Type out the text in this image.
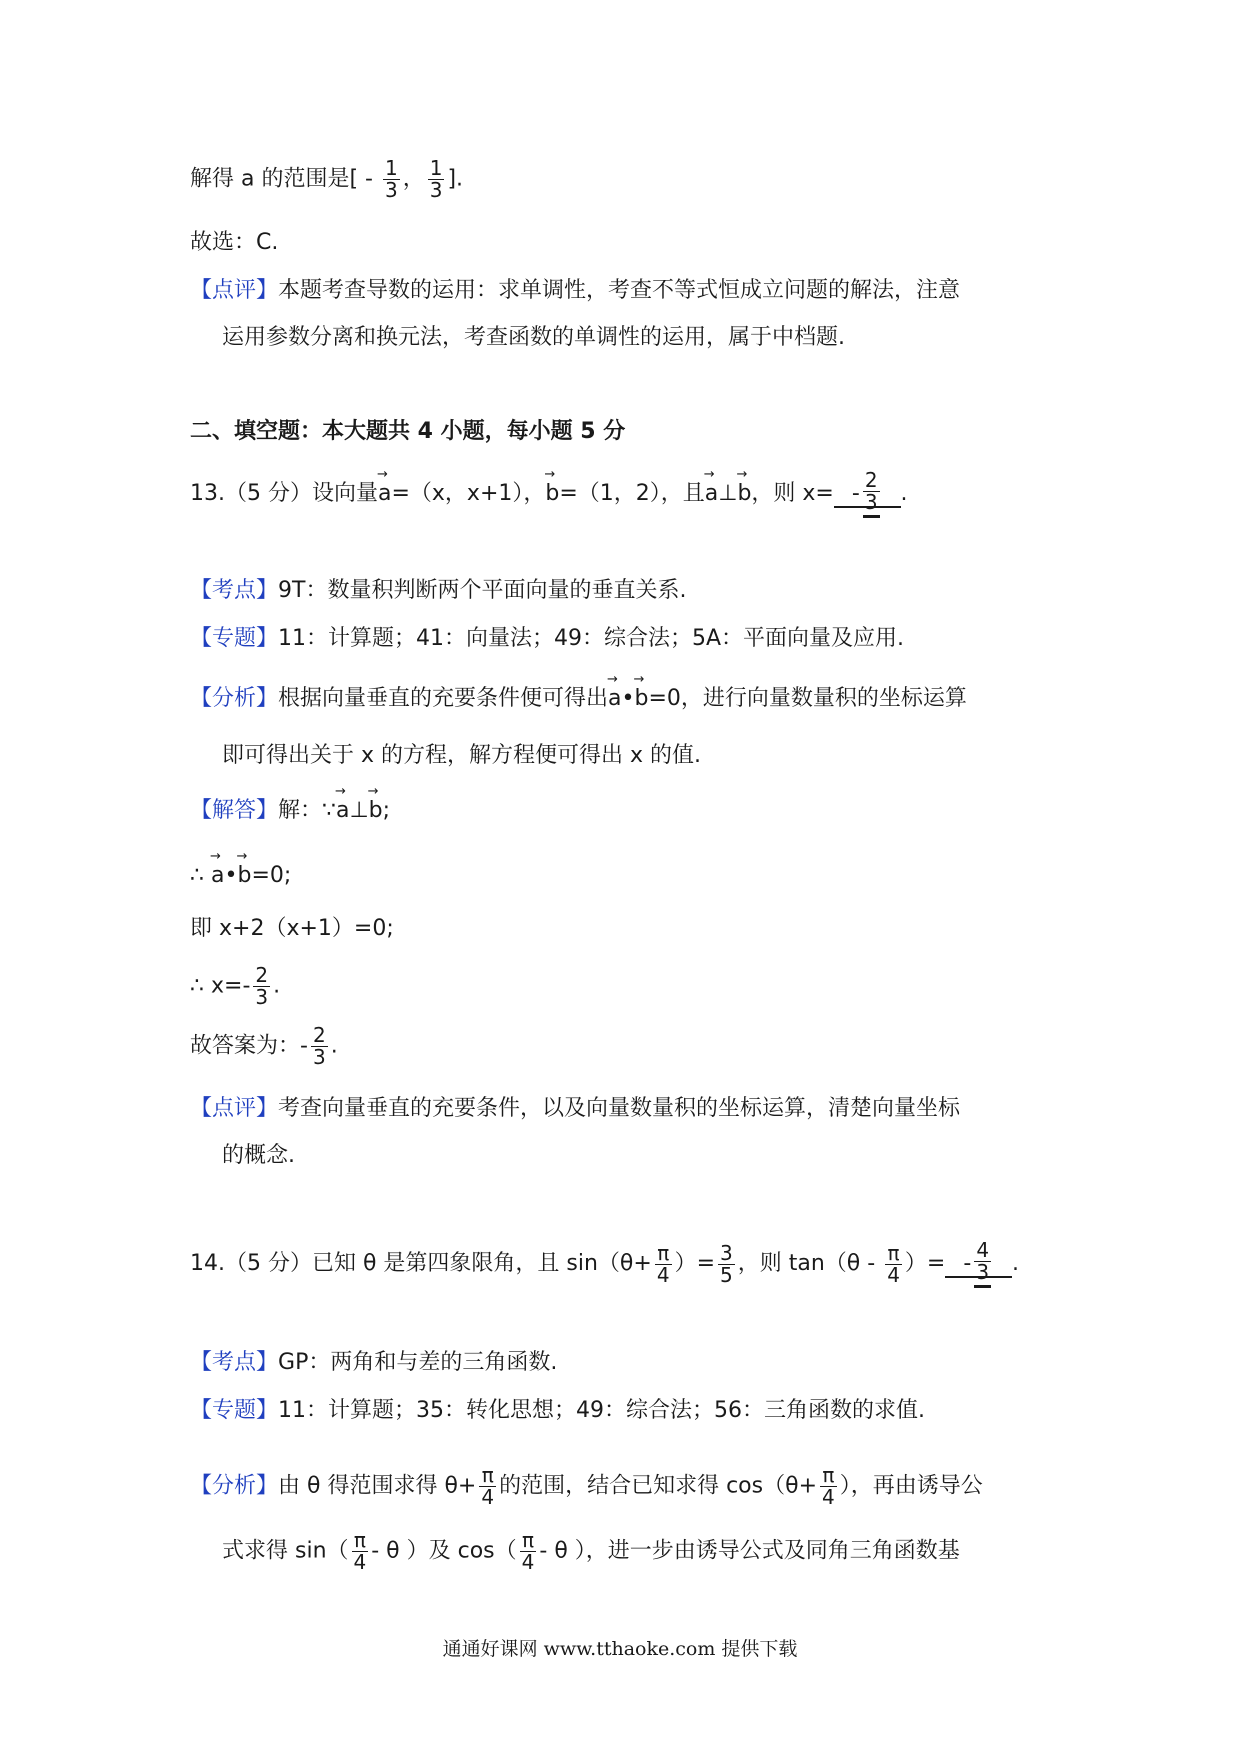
解得 a 的范围是[ - $\frac{1}{3}$ ， $\frac{1}{3}$ ].
故选：C.
【点评】本题考查导数的运用：求单调性，考查不等式恒成立问题的解法，注意
运用参数分离和换元法，考查函数的单调性的运用，属于中档题.
二、填空题：本大题共 4 小题，每小题 5 分
13.（5 分）设向量→ a=（x，x+1），→ b=（1，2），且→ a⊥→ b，则 $x= - \frac{2}{3}$ .
【考点】9T：数量积判断两个平面向量的垂直关系.
【专题】11：计算题；41：向量法；49：综合法；5A：平面向量及应用.
【分析】根据向量垂直的充要条件便可得出→ a•→ b=0，进行向量数量积的坐标运算
即可得出关于 x 的方程，解方程便可得出 x 的值.
【解答】解：∵→ a⊥→ b;
∴ → a•→ b=0;
即 x+2（x+1）=0;
∴ $x=- \frac{2}{3}$ .
故答案为：- $\frac{2}{3}$ .
【点评】考查向量垂直的充要条件，以及向量数量积的坐标运算，清楚向量坐标
的概念.
14.（5 分）已知 θ 是第四象限角，且 $\sin(\theta+ \frac{\pi}{4}$ ）= $\frac{3}{5}$ ，则 $\tan(\theta - \frac{\pi}{4}$ ）= - $\frac{4}{3}$ .
【考点】GP：两角和与差的三角函数.
【专题】11：计算题；35：转化思想；49：综合法；56：三角函数的求值.
【分析】由 θ 得范围求得 $\theta+ \frac{\pi}{4}$ 的范围，结合已知求得 $\cos(\theta+ \frac{\pi}{4}$ ），再由诱导公
式求得 $\sin( \frac{\pi}{4}$ - θ ）及 $\cos( \frac{\pi}{4}$ - θ ），进一步由诱导公式及同角三角函数基
通通好课网 www.tthaoke.com 提供下载
